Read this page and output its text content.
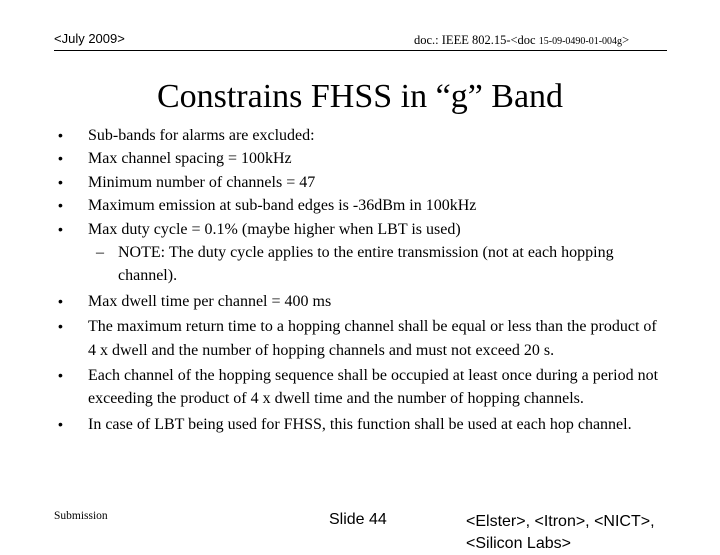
<July 2009>	doc.: IEEE 802.15-<doc 15-09-0490-01-004g>
Constrains FHSS in “g” Band
• Sub-bands for alarms are excluded:
• Max channel spacing = 100kHz
• Minimum number of channels = 47
• Maximum emission at sub-band edges is -36dBm in 100kHz
• Max duty cycle = 0.1% (maybe higher when LBT is used)
– NOTE: The duty cycle applies to the entire transmission (not at each hopping channel).
• Max dwell time per channel = 400 ms
• The maximum return time to a hopping channel shall be equal or less than the product of 4 x dwell and the number of hopping channels and must not exceed 20 s.
• Each channel of the hopping sequence shall be occupied at least once during a period not exceeding the product of 4 x dwell time and the number of hopping channels.
• In case of LBT being used for FHSS, this function shall be used at each hop channel.
Submission	Slide 44	<Elster>, <Itron>, <NICT>,
<Silicon Labs>
